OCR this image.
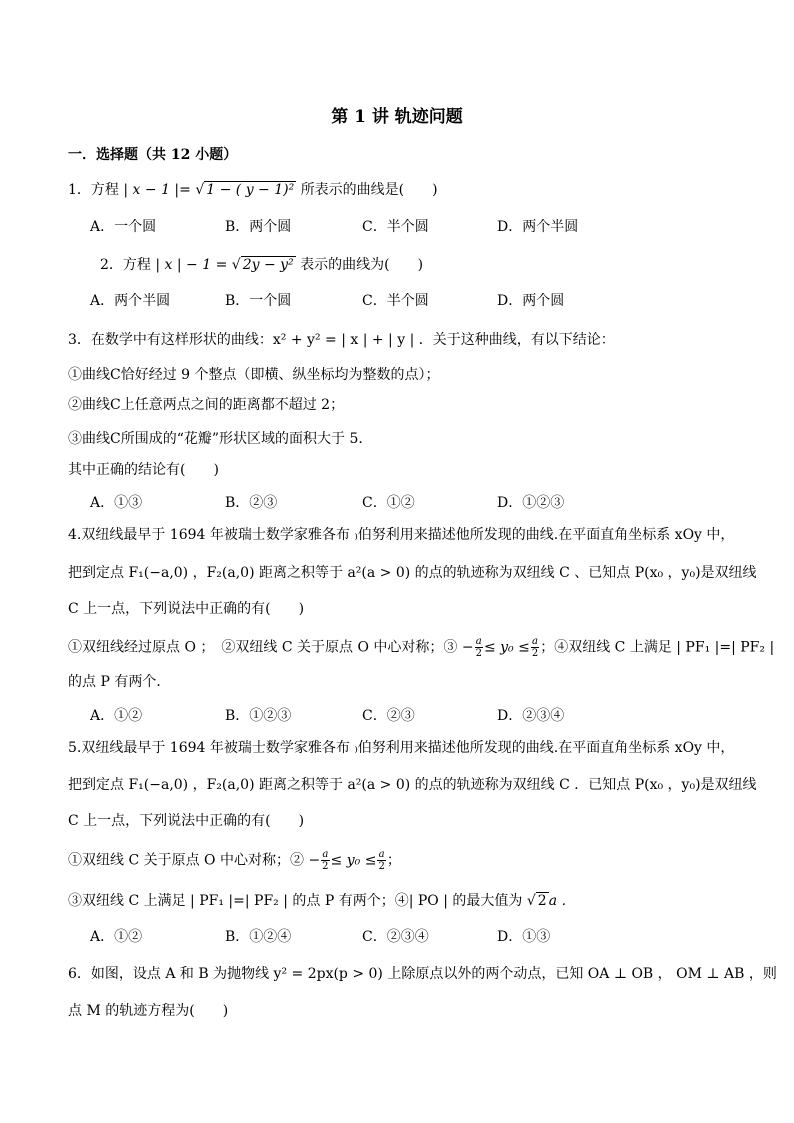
第 1 讲 轨迹问题
一．选择题（共 12 小题）
1．方程 | x − 1 |= √ 1 − ( y − 1)² 所表示的曲线是(　　)
A．一个圆	B．两个圆	C．半个圆	D．两个半圆
2．方程 | x | − 1 = √ 2y − y² 表示的曲线为(　　)
A．两个半圆	B．一个圆	C．半个圆	D．两个圆
3．在数学中有这样形状的曲线：x² + y² = | x | + | y | ．关于这种曲线，有以下结论：
①曲线C恰好经过 9 个整点（即横、纵坐标均为整数的点）；
②曲线C上任意两点之间的距离都不超过 2；
③曲线C所围成的“花瓣”形状区域的面积大于 5．
其中正确的结论有(　　)
A．①③	B．②③	C．①②	D．①②③
4.双纽线最早于 1694 年被瑞士数学家雅各布 ₎伯努利用来描述他所发现的曲线.在平面直角坐标系 xOy 中，
把到定点 F₁(−a,0) ，F₂(a,0) 距离之积等于 a²(a > 0) 的点的轨迹称为双纽线 C 、已知点 P(x₀ ，y₀)是双纽线
C 上一点，下列说法中正确的有(　　)
①双纽线经过原点 O ；　②双纽线 C 关于原点 O 中心对称；③ − $\frac{a}{2} \le y_0 \le \frac{a}{2}$ ；④双纽线 C 上满足 | PF₁ |=| PF₂ |
的点 P 有两个．
A．①②	B．①②③	C．②③	D．②③④
5.双纽线最早于 1694 年被瑞士数学家雅各布 ₎伯努利用来描述他所发现的曲线.在平面直角坐标系 xOy 中，
把到定点 F₁(−a,0) ，F₂(a,0) 距离之积等于 a²(a > 0) 的点的轨迹称为双纽线 C ．已知点 P(x₀ ，y₀)是双纽线
C 上一点，下列说法中正确的有(　　)
①双纽线 C 关于原点 O 中心对称；② − $\frac{a}{2} \le y_0 \le \frac{a}{2}$ ；
③双纽线 C 上满足 | PF₁ |=| PF₂ | 的点 P 有两个；④| PO | 的最大值为 √ 2 a ．
A．①②	B．①②④	C．②③④	D．①③
6．如图，设点 A 和 B 为抛物线 y² = 2px(p > 0) 上除原点以外的两个动点，已知 OA ⊥ OB ， OM ⊥ AB ，则
点 M 的轨迹方程为(　　)
